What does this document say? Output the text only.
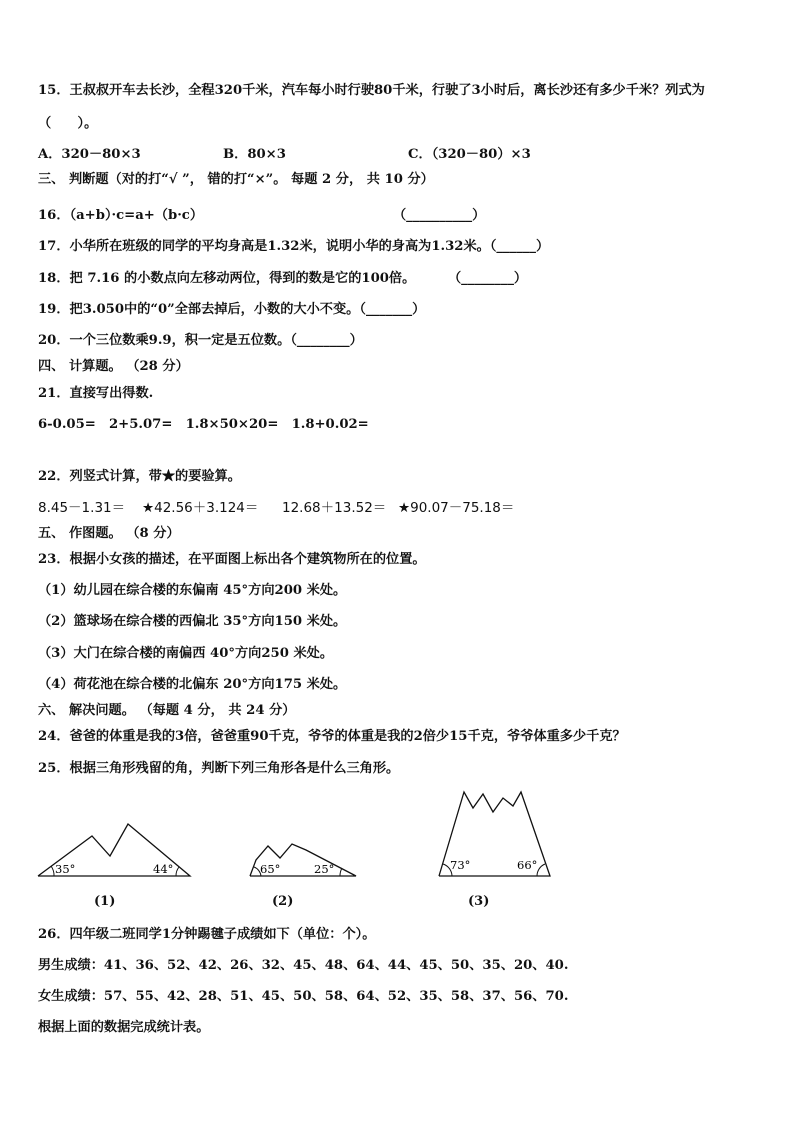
15．王叔叔开车去长沙，全程320千米，汽车每小时行驶80千米，行驶了3小时后，离长沙还有多少千米？列式为
（　　）。
A．320－80×3	B．80×3	C．（320－80）×3
三、 判断题（对的打“√ ”， 错的打“×”。 每题 2 分， 共 10 分）
16．（a+b）·c=a+（b·c）	（__________）
17．小华所在班级的同学的平均身高是1.32米，说明小华的身高为1.32米。（______）
18．把 7.16 的小数点向左移动两位，得到的数是它的100倍。 （________）
19．把3.050中的“0”全部去掉后，小数的大小不变。（_______）
20．一个三位数乘9.9，积一定是五位数。（________）
四、 计算题。 （28 分）
21．直接写出得数.
6-0.05=　2+5.07=　1.8×50×20=　1.8+0.02=
22．列竖式计算，带★的要验算。
8.45－1.31＝ ★42.56＋3.124＝ 12.68＋13.52＝ ★90.07－75.18＝
五、 作图题。 （8 分）
23．根据小女孩的描述，在平面图上标出各个建筑物所在的位置。
（1）幼儿园在综合楼的东偏南 45°方向200 米处。
（2）篮球场在综合楼的西偏北 35°方向150 米处。
（3）大门在综合楼的南偏西 40°方向250 米处。
（4）荷花池在综合楼的北偏东 20°方向175 米处。
六、 解决问题。 （每题 4 分， 共 24 分）
24．爸爸的体重是我的3倍，爸爸重90千克，爷爷的体重是我的2倍少15千克，爷爷体重多少千克？
25．根据三角形残留的角，判断下列三角形各是什么三角形。
35°	44°
(1)
65°	25°
(2)
73°	66°
(3)
26．四年级二班同学1分钟踢毽子成绩如下（单位：个）。
男生成绩：41、36、52、42、26、32、45、48、64、44、45、50、35、20、40.
女生成绩：57、55、42、28、51、45、50、58、64、52、35、58、37、56、70.
根据上面的数据完成统计表。
